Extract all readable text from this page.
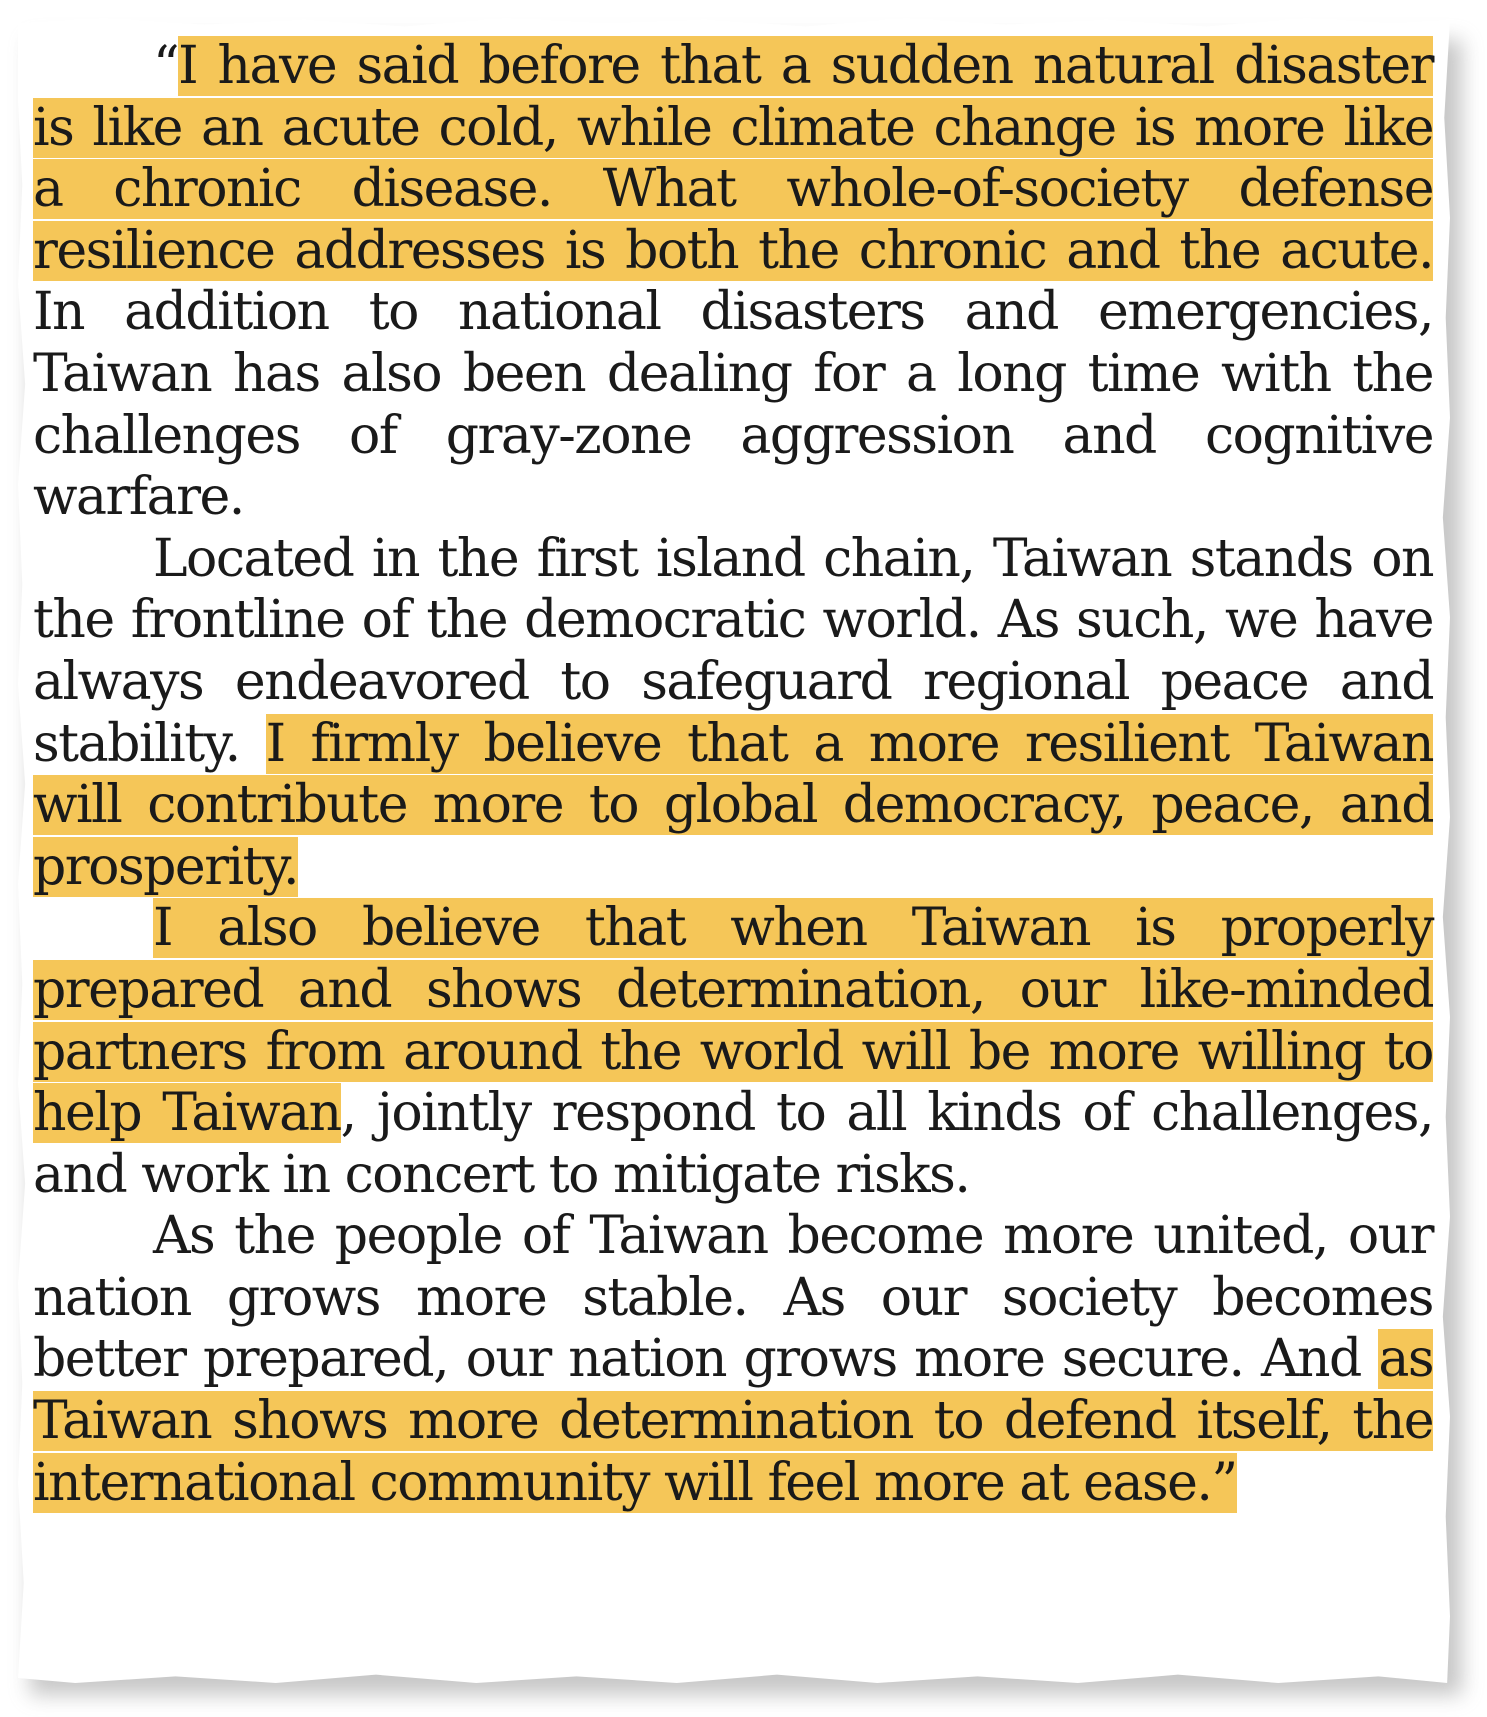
“I have said before that a sudden natural disaster is like an acute cold, while climate change is more like a chronic disease. What whole-of-society defense resilience addresses is both the chronic and the acute. In addition to national disasters and emergencies, Taiwan has also been dealing for a long time with the challenges of gray-zone aggression and cognitive warfare.

Located in the first island chain, Taiwan stands on the frontline of the democratic world. As such, we have always endeavored to safeguard regional peace and stability. I firmly believe that a more resilient Taiwan will contribute more to global democracy, peace, and prosperity.

I also believe that when Taiwan is properly prepared and shows determination, our like-minded partners from around the world will be more willing to help Taiwan, jointly respond to all kinds of challenges, and work in concert to mitigate risks.

As the people of Taiwan become more united, our nation grows more stable. As our society becomes better prepared, our nation grows more secure. And as Taiwan shows more determination to defend itself, the international community will feel more at ease.”
